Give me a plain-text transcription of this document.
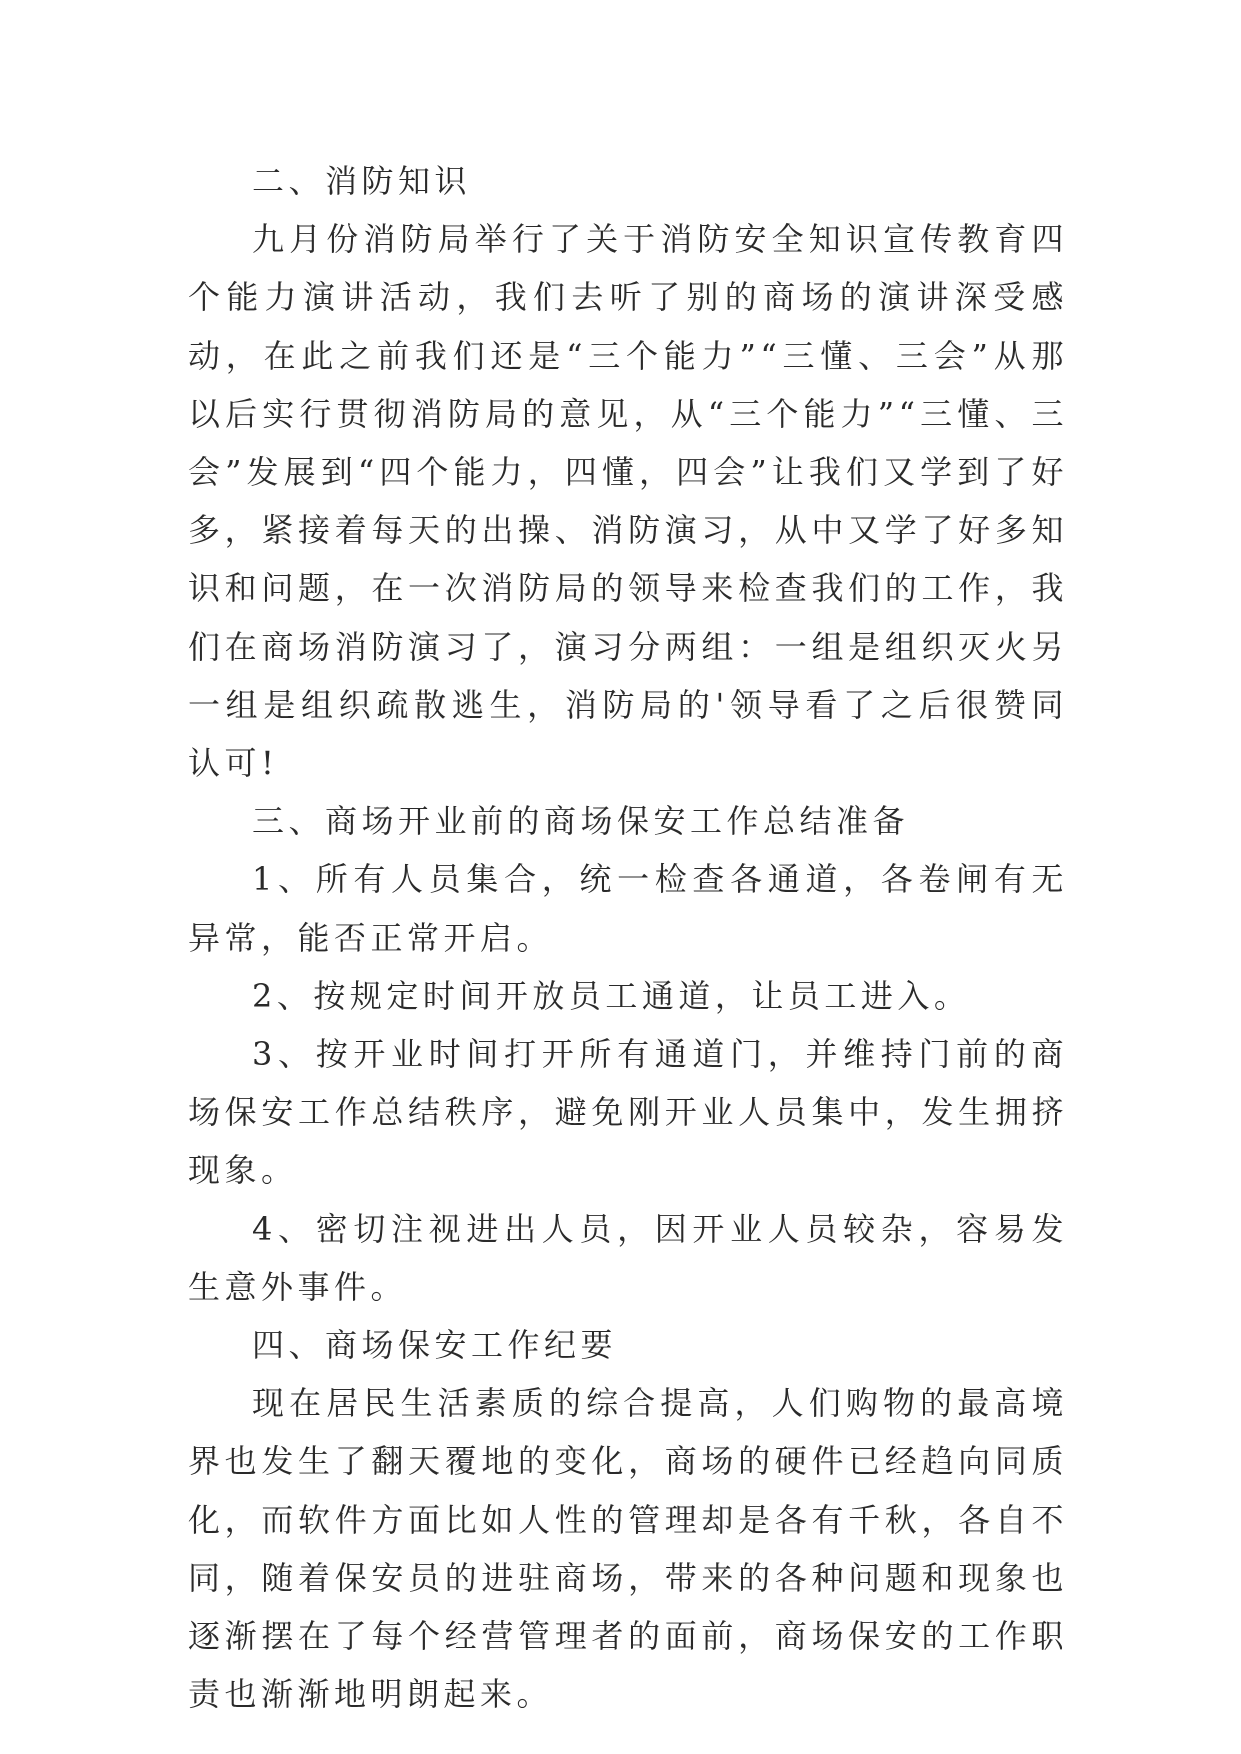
二、消防知识

九月份消防局举行了关于消防安全知识宣传教育四个能力演讲活动，我们去听了别的商场的演讲深受感动，在此之前我们还是“三个能力”“三懂、三会”从那以后实行贯彻消防局的意见，从“三个能力”“三懂、三会”发展到“四个能力，四懂，四会”让我们又学到了好多，紧接着每天的出操、消防演习，从中又学了好多知识和问题，在一次消防局的领导来检查我们的工作，我们在商场消防演习了，演习分两组：一组是组织灭火另一组是组织疏散逃生，消防局的'领导看了之后很赞同认可!

三、商场开业前的商场保安工作总结准备

1、所有人员集合，统一检查各通道，各卷闸有无异常，能否正常开启。

2、按规定时间开放员工通道，让员工进入。

3、按开业时间打开所有通道门，并维持门前的商场保安工作总结秩序，避免刚开业人员集中，发生拥挤现象。

4、密切注视进出人员，因开业人员较杂，容易发生意外事件。

四、商场保安工作纪要

现在居民生活素质的综合提高，人们购物的最高境界也发生了翻天覆地的变化，商场的硬件已经趋向同质化，而软件方面比如人性的管理却是各有千秋，各自不同，随着保安员的进驻商场，带来的各种问题和现象也逐渐摆在了每个经营管理者的面前，商场保安的工作职责也渐渐地明朗起来。
